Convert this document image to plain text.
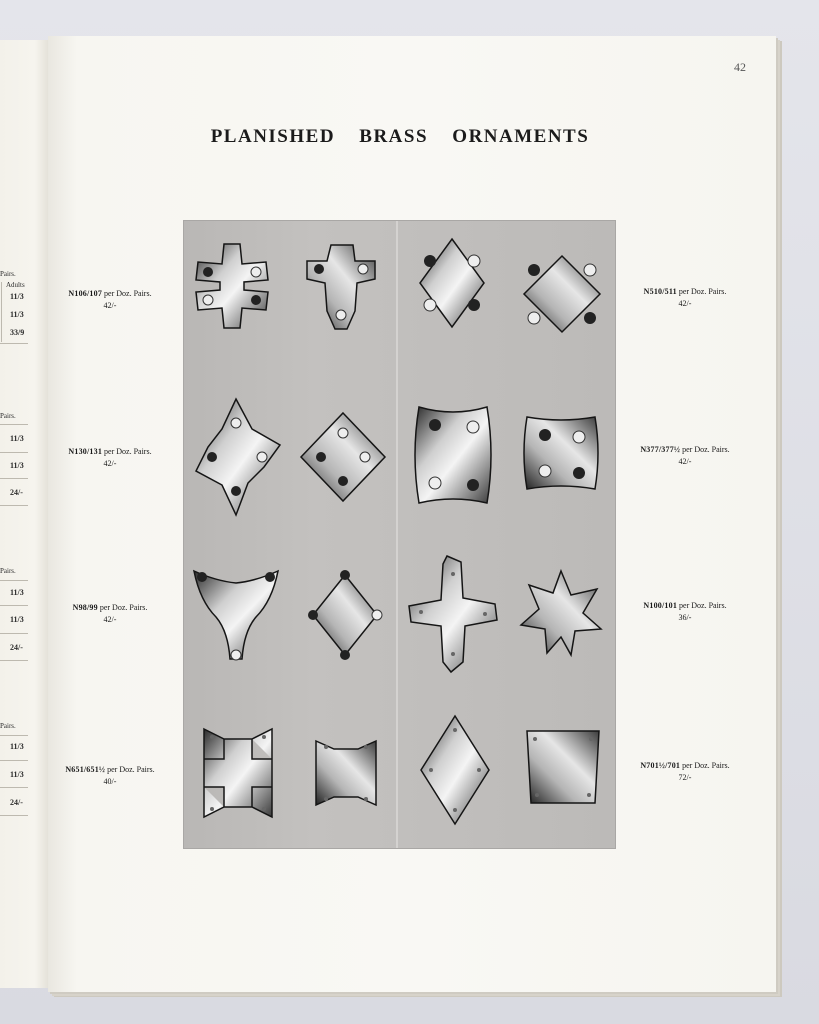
Pairs.
Adults
11/3
11/3
33/9
Pairs.
11/3
11/3
24/-
Pairs.
11/3
11/3
24/-
Pairs.
11/3
11/3
24/-
42
PLANISHED BRASS ORNAMENTS
N106/107 per Doz. Pairs.
42/-
N130/131 per Doz. Pairs.
42/-
N98/99 per Doz. Pairs.
42/-
N651/651½ per Doz. Pairs.
40/-
N510/511 per Doz. Pairs.
42/-
N377/377½ per Doz. Pairs.
42/-
N100/101 per Doz. Pairs.
36/-
N701½/701 per Doz. Pairs.
72/-
